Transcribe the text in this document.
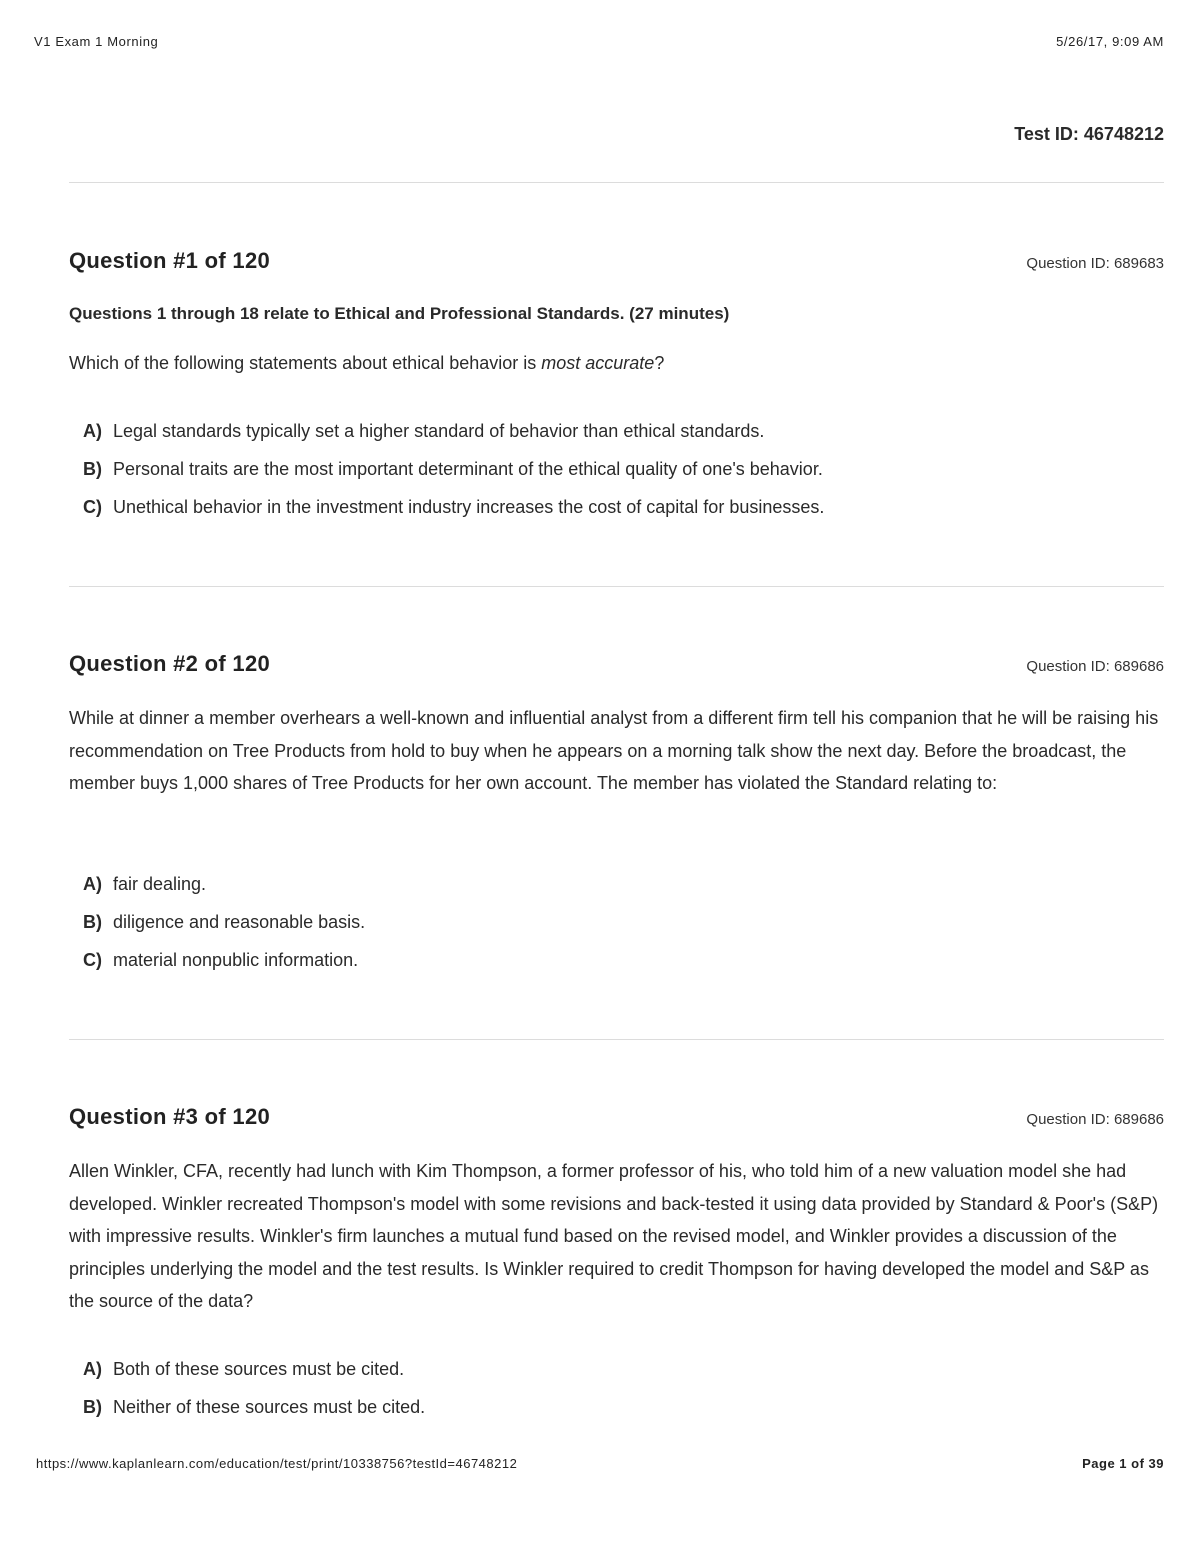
V1 Exam 1 Morning	5/26/17, 9:09 AM
Test ID: 46748212
Question #1 of 120	Question ID: 689683
Questions 1 through 18 relate to Ethical and Professional Standards. (27 minutes)
Which of the following statements about ethical behavior is most accurate?
A) Legal standards typically set a higher standard of behavior than ethical standards.
B) Personal traits are the most important determinant of the ethical quality of one's behavior.
C) Unethical behavior in the investment industry increases the cost of capital for businesses.
Question #2 of 120	Question ID: 689686
While at dinner a member overhears a well-known and influential analyst from a different firm tell his companion that he will be raising his recommendation on Tree Products from hold to buy when he appears on a morning talk show the next day. Before the broadcast, the member buys 1,000 shares of Tree Products for her own account. The member has violated the Standard relating to:
A) fair dealing.
B) diligence and reasonable basis.
C) material nonpublic information.
Question #3 of 120	Question ID: 689686
Allen Winkler, CFA, recently had lunch with Kim Thompson, a former professor of his, who told him of a new valuation model she had developed. Winkler recreated Thompson's model with some revisions and back-tested it using data provided by Standard & Poor's (S&P) with impressive results. Winkler's firm launches a mutual fund based on the revised model, and Winkler provides a discussion of the principles underlying the model and the test results. Is Winkler required to credit Thompson for having developed the model and S&P as the source of the data?
A) Both of these sources must be cited.
B) Neither of these sources must be cited.
https://www.kaplanlearn.com/education/test/print/10338756?testId=46748212	Page 1 of 39
